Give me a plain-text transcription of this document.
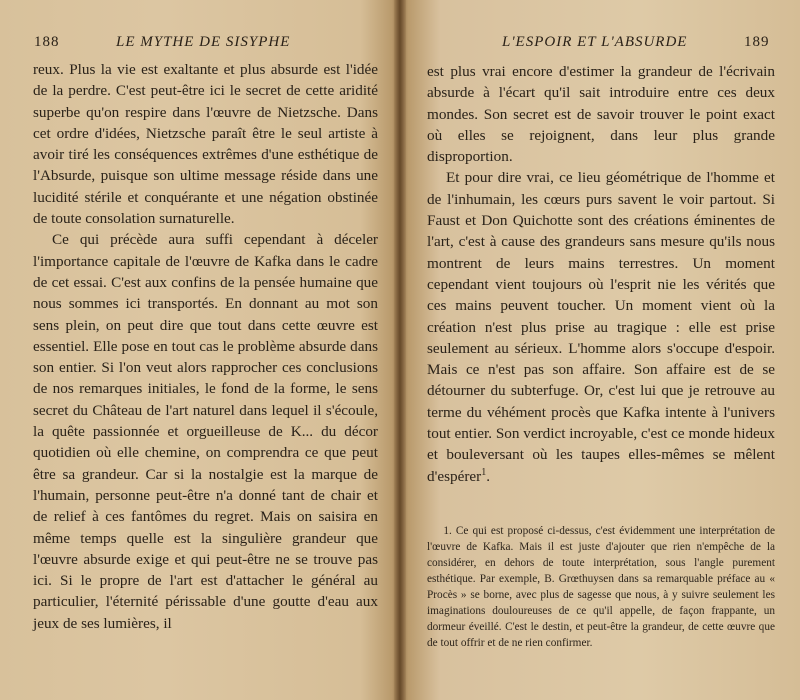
188	LE MYTHE DE SISYPHE

reux. Plus la vie est exaltante et plus absurde est l'idée de la perdre. C'est peut-être ici le secret de cette aridité superbe qu'on respire dans l'œuvre de Nietzsche. Dans cet ordre d'idées, Nietzsche paraît être le seul artiste à avoir tiré les conséquences extrêmes d'une esthétique de l'Absurde, puisque son ultime message réside dans une lucidité stérile et conquérante et une négation obstinée de toute consolation surnaturelle.

Ce qui précède aura suffi cependant à déceler l'importance capitale de l'œuvre de Kafka dans le cadre de cet essai. C'est aux confins de la pensée humaine que nous sommes ici transportés. En donnant au mot son sens plein, on peut dire que tout dans cette œuvre est essentiel. Elle pose en tout cas le problème absurde dans son entier. Si l'on veut alors rapprocher ces conclusions de nos remarques initiales, le fond de la forme, le sens secret du Château de l'art naturel dans lequel il s'écoule, la quête passionnée et orgueilleuse de K... du décor quotidien où elle chemine, on comprendra ce que peut être sa grandeur. Car si la nostalgie est la marque de l'humain, personne peut-être n'a donné tant de chair et de relief à ces fantômes du regret. Mais on saisira en même temps quelle est la singulière grandeur que l'œuvre absurde exige et qui peut-être ne se trouve pas ici. Si le propre de l'art est d'attacher le général au particulier, l'éternité périssable d'une goutte d'eau aux jeux de ses lumières, il

L'ESPOIR ET L'ABSURDE	189

est plus vrai encore d'estimer la grandeur de l'écrivain absurde à l'écart qu'il sait introduire entre ces deux mondes. Son secret est de savoir trouver le point exact où elles se rejoignent, dans leur plus grande disproportion.

Et pour dire vrai, ce lieu géométrique de l'homme et de l'inhumain, les cœurs purs savent le voir partout. Si Faust et Don Quichotte sont des créations éminentes de l'art, c'est à cause des grandeurs sans mesure qu'ils nous montrent de leurs mains terrestres. Un moment cependant vient toujours où l'esprit nie les vérités que ces mains peuvent toucher. Un moment vient où la création n'est plus prise au tragique : elle est prise seulement au sérieux. L'homme alors s'occupe d'espoir. Mais ce n'est pas son affaire. Son affaire est de se détourner du subterfuge. Or, c'est lui que je retrouve au terme du véhément procès que Kafka intente à l'univers tout entier. Son verdict incroyable, c'est ce monde hideux et bouleversant où les taupes elles-mêmes se mêlent d'espérer$^1$.

1. Ce qui est proposé ci-dessus, c'est évidemment une interprétation de l'œuvre de Kafka. Mais il est juste d'ajouter que rien n'empêche de la considérer, en dehors de toute interprétation, sous l'angle purement esthétique. Par exemple, B. Grœthuysen dans sa remarquable préface au « Procès » se borne, avec plus de sagesse que nous, à y suivre seulement les imaginations douloureuses de ce qu'il appelle, de façon frappante, un dormeur éveillé. C'est le destin, et peut-être la grandeur, de cette œuvre que de tout offrir et de ne rien confirmer.
